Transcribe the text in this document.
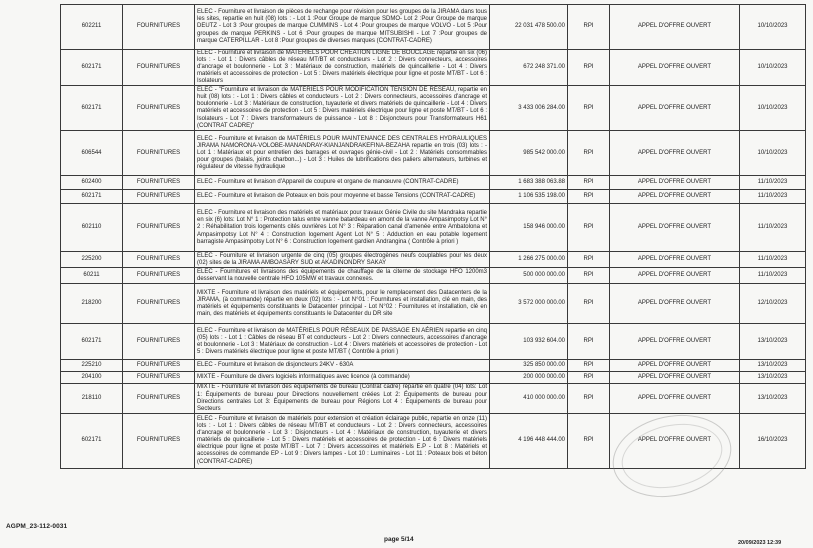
602211	FOURNITURES	ELEC - Fourniture et livraison de pièces de rechange pour révision pour les groupes de la JIRAMA dans tous les sites, repartie en huit (08) lots : - Lot 1 :Pour Groupe de marque SDMO- Lot 2 :Pour Groupe de marque DEUTZ - Lot 3 :Pour groupes de marque CUMMINS - Lot 4 :Pour groupes de marque VOLVO - Lot 5 :Pour groupes de marque PERKINS - Lot 6 :Pour groupes de marque MITSUBISHI - Lot 7 :Pour groupes de marque CATERPILLAR - Lot 8 :Pour groupes de diverses marques (CONTRAT-CADRE)	22 031 478 500.00	RPI	APPEL D'OFFRE OUVERT	10/10/2023
602171	FOURNITURES	ELEC - Fourniture et livraison de MATÉRIELS POUR CRÉATION LIGNE DE BOUCLAGE repartie en six (06) lots : - Lot 1 : Divers câbles de réseau MT/BT et conducteurs - Lot 2 : Divers connecteurs, accessoires d'ancrage et boulonnerie - Lot 3 : Matériaux de construction, matériels de quincaillerie - Lot 4 : Divers matériels et accessoires de protection - Lot 5 : Divers matériels électrique pour ligne et poste MT/BT - Lot 6 : Isolateurs	672 248 371.00	RPI	APPEL D'OFFRE OUVERT	10/10/2023
602171	FOURNITURES	ELEC - "Fourniture et livraison de MATÉRIELS POUR MODIFICATION TENSION DE RÉSEAU, repartie en huit (08) lots : - Lot 1 : Divers câbles et conducteurs - Lot 2 : Divers connecteurs, accessoires d'ancrage et boulonnerie - Lot 3 : Matériaux de construction, tuyauterie et divers matériels de quincaillerie - Lot 4 : Divers matériels et accessoires de protection - Lot 5 : Divers matériels électrique pour ligne et poste MT/BT - Lot 6 : Isolateurs - Lot 7 : Divers transformateurs de puissance - Lot 8 : Disjoncteurs pour Transformateurs H61 (CONTRAT CADRE)"	3 433 006 284.00	RPI	APPEL D'OFFRE OUVERT	10/10/2023
606544	FOURNITURES	ELEC - Fourniture et livraison de MATÉRIELS POUR MAINTENANCE DES CENTRALES HYDRAULIQUES JIRAMA NAMORONA-VOLOBE-MANANDRAY-KIANJANDRAKEFINA-BEZAHA repartie en trois (03) lots : - Lot 1 : Matériaux et pour entretien des barrages et ouvrages génie-civil - Lot 2 : Matériels consommables pour groupes (balais, joints charbon...) - Lot 3 : Huiles de lubrifications des paliers alternateurs, turbines et régulateur de vitesse hydraulique	985 542 000.00	RPI	APPEL D'OFFRE OUVERT	10/10/2023
602400	FOURNITURES	ELEC - Fourniture et livraison d'Appareil de coupure et organe de manœuvre (CONTRAT-CADRE)	1 683 388 063.88	RPI	APPEL D'OFFRE OUVERT	11/10/2023
602171	FOURNITURES	ELEC - Fourniture et livraison de Poteaux en bois pour moyenne et basse Tensions (CONTRAT-CADRE)	1 106 535 198.00	RPI	APPEL D'OFFRE OUVERT	11/10/2023
602110	FOURNITURES	ELEC - Fourniture et livraison des matériels et matériaux pour travaux Génie Civile du site Mandraka repartie en six (6) lots: Lot N° 1 : Protection talus entre vanne batardeau en amont de la vanne Ampasimpotsy Lot N° 2 : Réhabilitation trois logements cités ouvrières Lot N° 3 : Réparation canal d'amenée entre Ambatolona et Ampasimpotsy Lot N° 4 : Construction logement Agent Lot N° 5 : Adduction en eau potable logement barragiste Ampasimpotsy Lot N° 6 : Construction logement gardien Andrangina ( Contrôle à priori )	158 946 000.00	RPI	APPEL D'OFFRE OUVERT	11/10/2023
225200	FOURNITURES	ELEC - Fourniture et livraison urgente de cinq (05) groupes électrogènes neufs couplables pour les deux (02) sites de la JIRAMA AMBOASARY SUD et AKADINONDRY SAKAY	1 266 275 000.00	RPI	APPEL D'OFFRE OUVERT	11/10/2023
60211	FOURNITURES	ELEC - Fournitures et livraisons des équipements de chauffage de la citerne de stockage HFO 1200m3 desservant la nouvelle centrale HFO 105MW et travaux connexes.	500 000 000.00	RPI	APPEL D'OFFRE OUVERT	11/10/2023
218200	FOURNITURES	MIXTE - Fourniture et livraison des matériels et équipements, pour le remplacement des Datacenters de la JIRAMA, (à commande) répartie en deux (02) lots : - Lot N°01 : Fournitures et installation, clé en main, des matériels et équipements constituants le Datacenter principal - Lot N°02 : Fournitures et installation, clé en main, des matériels et équipements constituants le Datacenter du DR site	3 572 000 000.00	RPI	APPEL D'OFFRE OUVERT	12/10/2023
602171	FOURNITURES	ELEC - Fourniture et livraison de MATÉRIELS POUR RÉSEAUX DE PASSAGE EN AÉRIEN repartie en cinq (05) lots : - Lot 1 : Câbles de réseau BT et conducteurs - Lot 2 : Divers connecteurs, accessoires d'ancrage et boulonnerie - Lot 3 : Matériaux de construction - Lot 4 : Divers matériels et accessoires de protection - Lot 5 : Divers matériels électrique pour ligne et poste MT/BT ( Contrôle à priori )	103 932 604.00	RPI	APPEL D'OFFRE OUVERT	13/10/2023
225210	FOURNITURES	ELEC - Fourniture et livraison de disjoncteurs 24KV - 630A	325 850 000.00	RPI	APPEL D'OFFRE OUVERT	13/10/2023
204100	FOURNITURES	MIXTE - Fourniture de divers logiciels informatiques avec licence (à commande)	200 000 000.00	RPI	APPEL D'OFFRE OUVERT	13/10/2023
218110	FOURNITURES	MIXTE - Fourniture et livraison des équipements de bureau (Contrat cadre) répartie en quatre (04) lots: Lot 1: Équipements de bureau pour Directions nouvellement créées Lot 2: Équipements de bureau pour Directions centrales Lot 3: Équipements de bureau pour Régions Lot 4 : Équipements de bureau pour Secteurs	410 000 000.00	RPI	APPEL D'OFFRE OUVERT	13/10/2023
602171	FOURNITURES	ELEC - Fourniture et livraison de matériels pour extension et création éclairage public, repartie en onze (11) lots : - Lot 1 : Divers câbles de réseau MT/BT et conducteurs - Lot 2 : Divers connecteurs, accessoires d'ancrage et boulonnerie - Lot 3 : Disjoncteurs - Lot 4 : Matériaux de construction, tuyauterie et divers matériels de quincaillerie - Lot 5 : Divers matériels et accessoires de protection - Lot 6 : Divers matériels électrique pour ligne et poste MT/BT - Lot 7 : Divers accessoires et matériels E.P - Lot 8 : Matériels et accessoires de commande EP - Lot 9 : Divers lampes - Lot 10 : Luminaires - Lot 11 : Poteaux bois et béton (CONTRAT-CADRE)	4 196 448 444.00	RPI	APPEL D'OFFRE OUVERT	16/10/2023
AGPM_23-112-0031
page 5/14	20/09/2023 12:39
